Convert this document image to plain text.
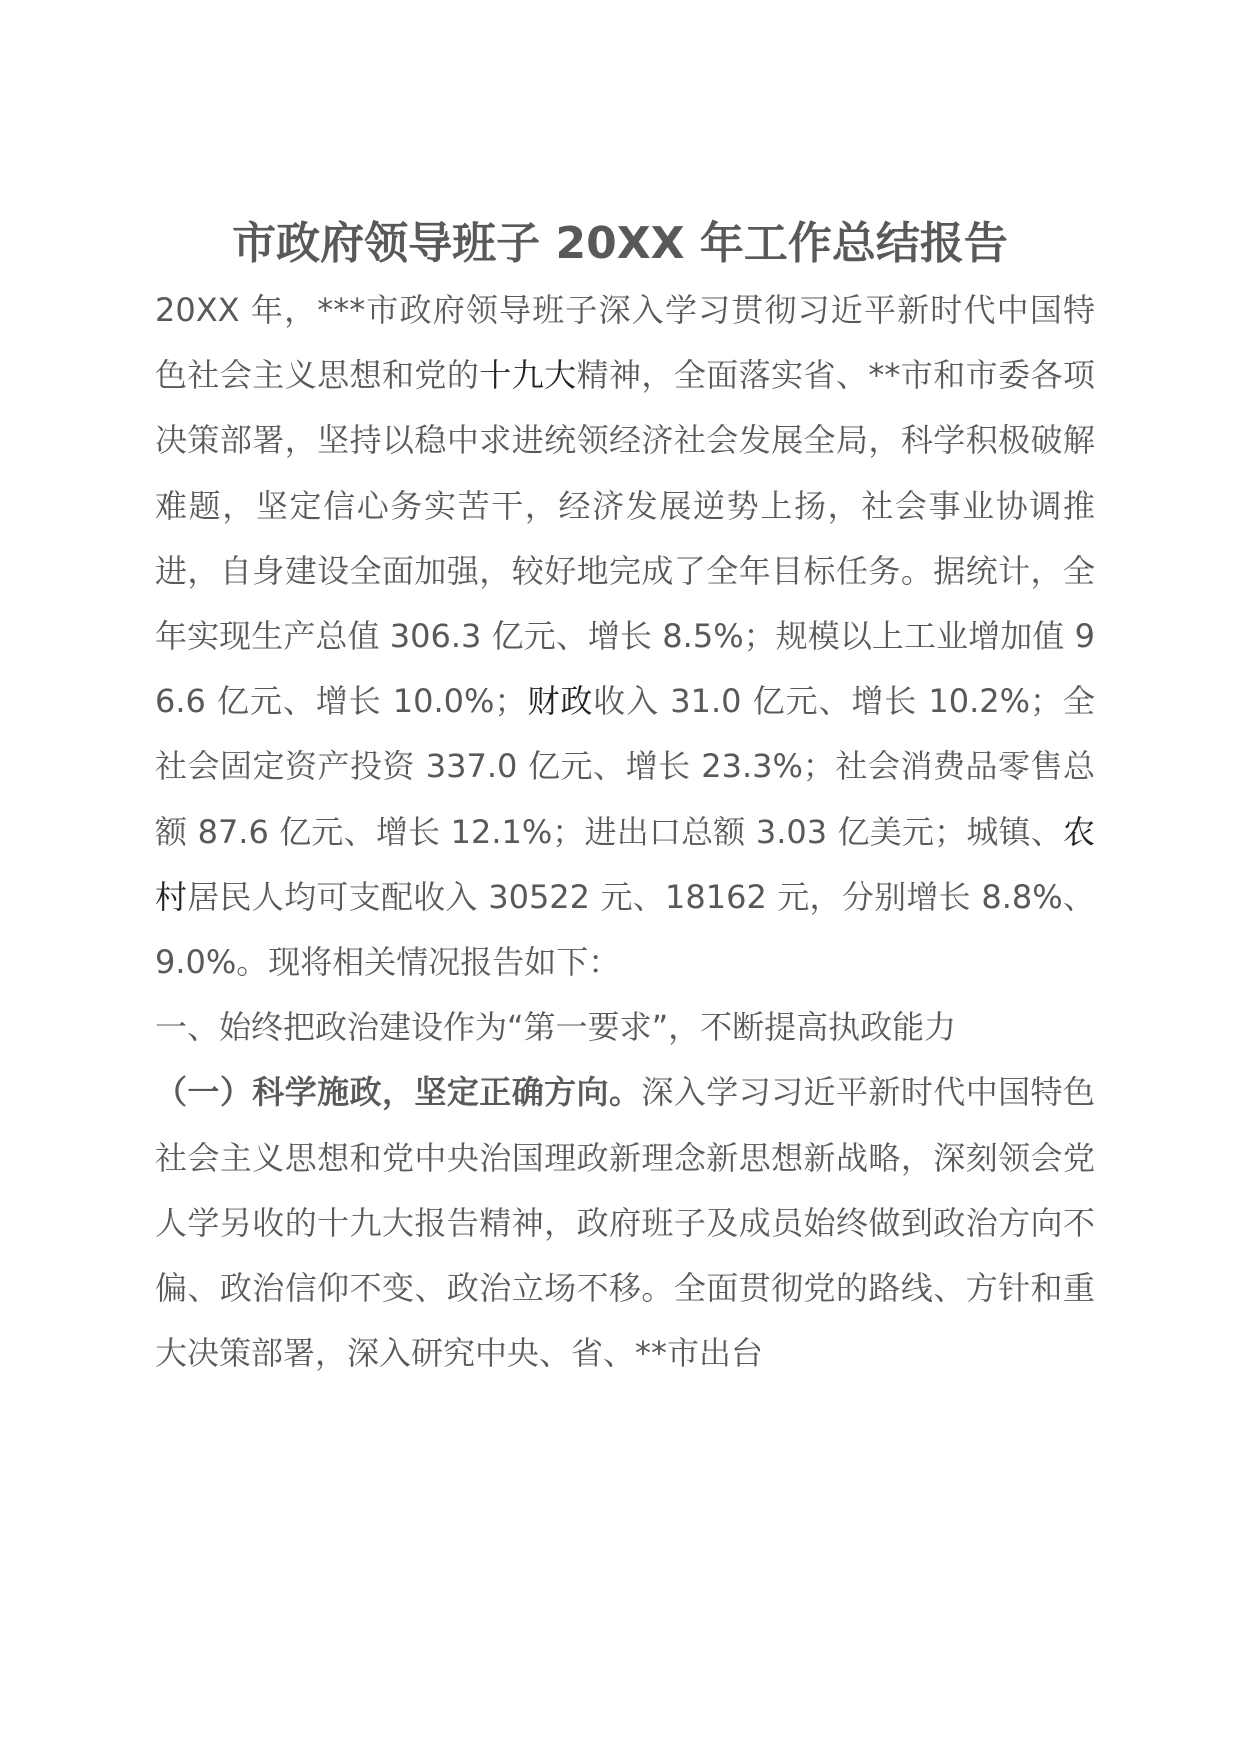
市政府领导班子 20XX 年工作总结报告

20XX 年，***市政府领导班子深入学习贯彻习近平新时代中国特色社会主义思想和党的十九大精神，全面落实省、**市和市委各项决策部署，坚持以稳中求进统领经济社会发展全局，科学积极破解难题，坚定信心务实苦干，经济发展逆势上扬，社会事业协调推进，自身建设全面加强，较好地完成了全年目标任务。据统计，全年实现生产总值 306.3 亿元、增长 8.5%；规模以上工业增加值 96.6 亿元、增长 10.0%；财政收入 31.0 亿元、增长 10.2%；全社会固定资产投资 337.0 亿元、增长 23.3%；社会消费品零售总额 87.6 亿元、增长 12.1%；进出口总额 3.03 亿美元；城镇、农村居民人均可支配收入 30522 元、18162 元，分别增长 8.8%、9.0%。现将相关情况报告如下：

一、始终把政治建设作为“第一要求”，不断提高执政能力

（一）科学施政，坚定正确方向。深入学习习近平新时代中国特色社会主义思想和党中央治国理政新理念新思想新战略，深刻领会党人学另收的十九大报告精神，政府班子及成员始终做到政治方向不偏、政治信仰不变、政治立场不移。全面贯彻党的路线、方针和重大决策部署，深入研究中央、省、**市出台
